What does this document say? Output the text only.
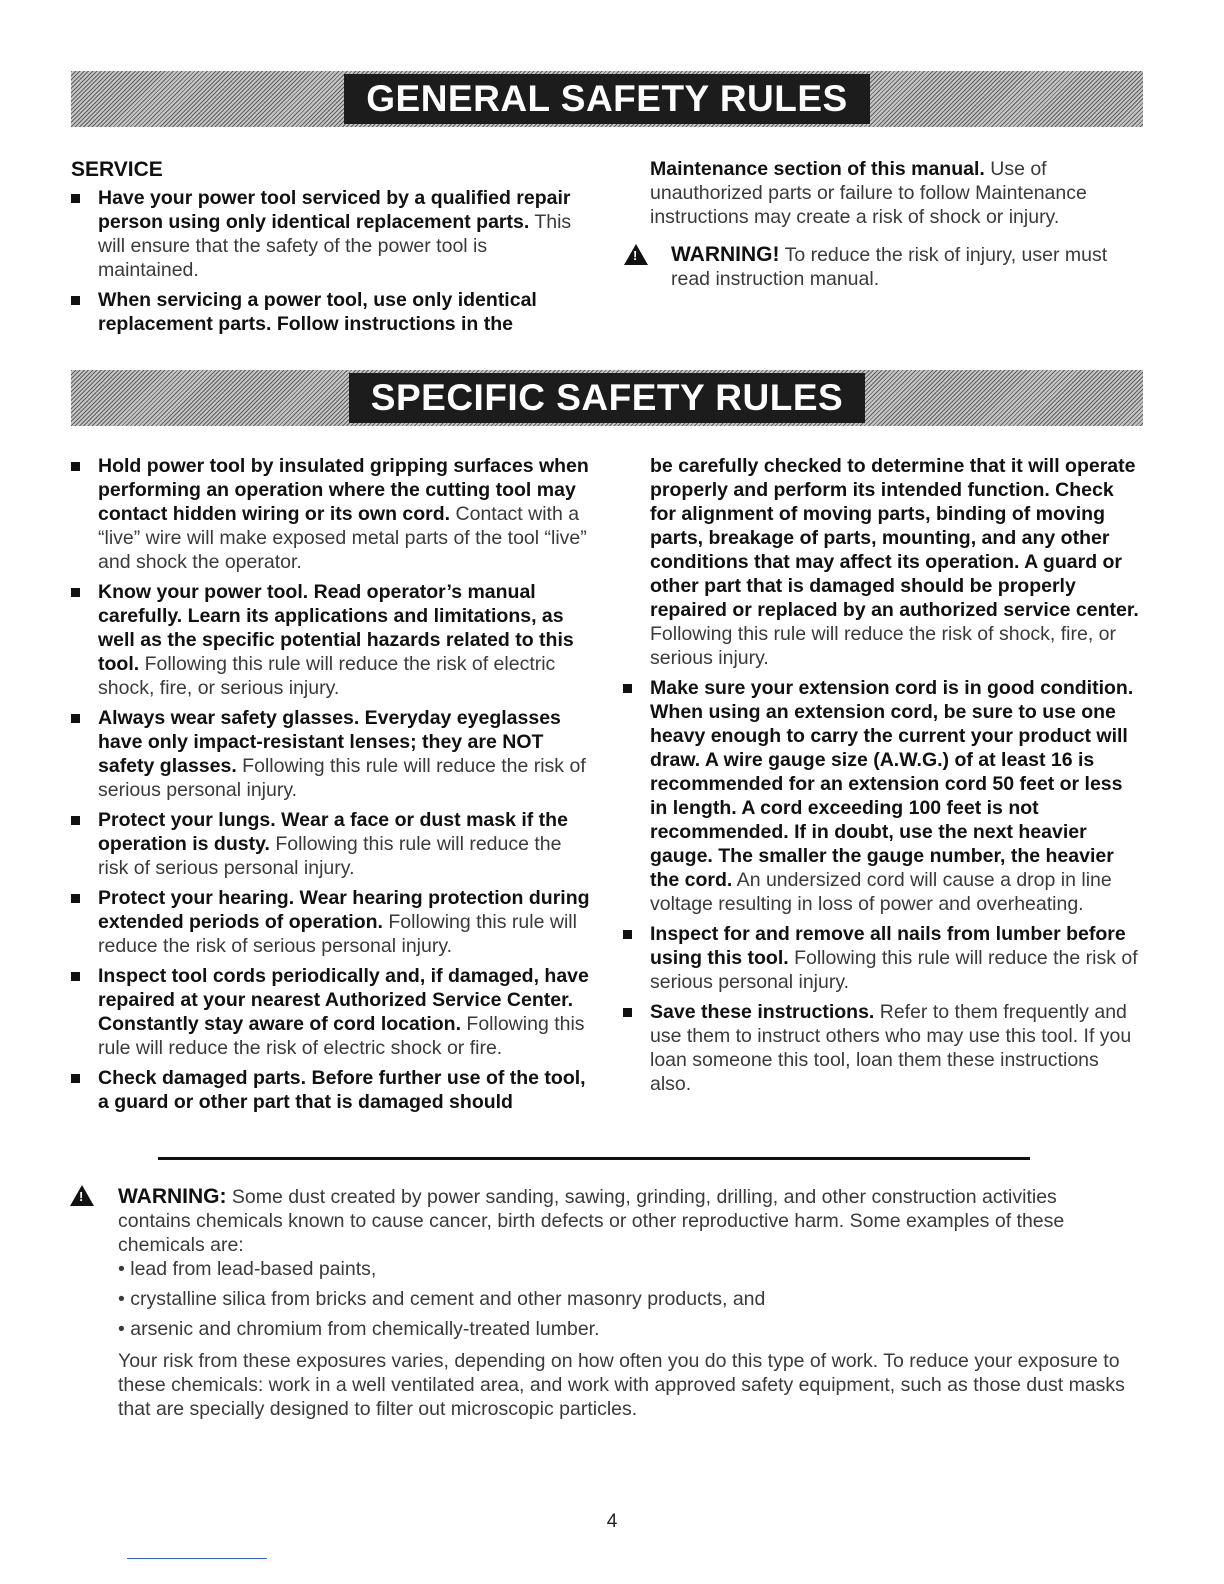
GENERAL SAFETY RULES
SERVICE
Have your power tool serviced by a qualified repair person using only identical replacement parts. This will ensure that the safety of the power tool is maintained.
When servicing a power tool, use only identical replacement parts. Follow instructions in the
Maintenance section of this manual. Use of unauthorized parts or failure to follow Maintenance instructions may create a risk of shock or injury.
!
WARNING! To reduce the risk of injury, user must read instruction manual.
SPECIFIC SAFETY RULES
Hold power tool by insulated gripping surfaces when performing an operation where the cutting tool may contact hidden wiring or its own cord. Contact with a “live” wire will make exposed metal parts of the tool “live” and shock the operator.
Know your power tool. Read operator’s manual carefully. Learn its applications and limitations, as well as the specific potential hazards related to this tool. Following this rule will reduce the risk of electric shock, fire, or serious injury.
Always wear safety glasses. Everyday eyeglasses have only impact-resistant lenses; they are NOT safety glasses. Following this rule will reduce the risk of serious personal injury.
Protect your lungs. Wear a face or dust mask if the operation is dusty. Following this rule will reduce the risk of serious personal injury.
Protect your hearing. Wear hearing protection during extended periods of operation. Following this rule will reduce the risk of serious personal injury.
Inspect tool cords periodically and, if damaged, have repaired at your nearest Authorized Service Center. Constantly stay aware of cord location. Following this rule will reduce the risk of electric shock or fire.
Check damaged parts. Before further use of the tool, a guard or other part that is damaged should
be carefully checked to determine that it will operate properly and perform its intended function. Check for alignment of moving parts, binding of moving parts, breakage of parts, mounting, and any other conditions that may affect its operation. A guard or other part that is damaged should be properly repaired or replaced by an authorized service center. Following this rule will reduce the risk of shock, fire, or serious injury.
Make sure your extension cord is in good condition. When using an extension cord, be sure to use one heavy enough to carry the current your product will draw. A wire gauge size (A.W.G.) of at least 16 is recommended for an extension cord 50 feet or less in length. A cord exceeding 100 feet is not recommended. If in doubt, use the next heavier gauge. The smaller the gauge number, the heavier the cord. An undersized cord will cause a drop in line voltage resulting in loss of power and overheating.
Inspect for and remove all nails from lumber before using this tool. Following this rule will reduce the risk of serious personal injury.
Save these instructions. Refer to them frequently and use them to instruct others who may use this tool. If you loan someone this tool, loan them these instructions also.
!

WARNING: Some dust created by power sanding, sawing, grinding, drilling, and other construction activities contains chemicals known to cause cancer, birth defects or other reproductive harm. Some examples of these chemicals are:

• lead from lead-based paints,

• crystalline silica from bricks and cement and other masonry products, and

• arsenic and chromium from chemically-treated lumber.

Your risk from these exposures varies, depending on how often you do this type of work. To reduce your exposure to these chemicals: work in a well ventilated area, and work with approved safety equipment, such as those dust masks that are specially designed to filter out microscopic particles.

4
